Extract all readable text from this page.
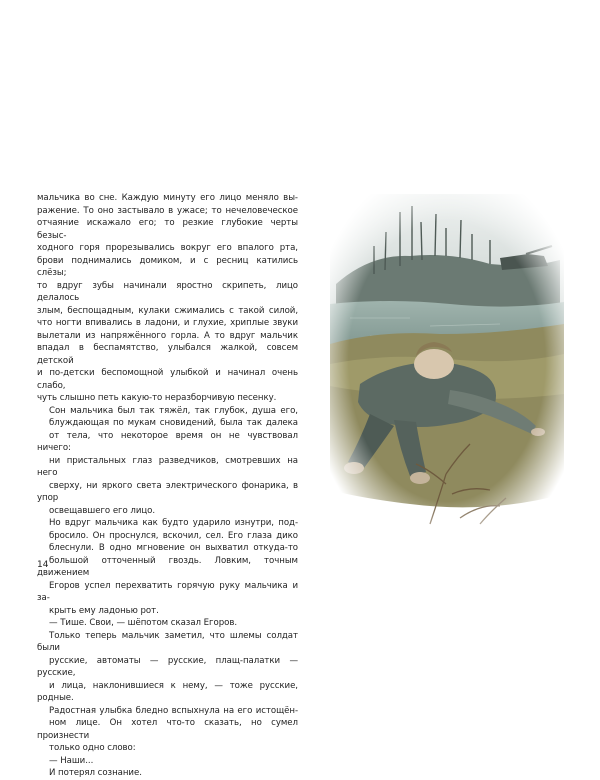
мальчика во сне. Каждую минуту его лицо меняло вы-
ражение. То оно застывало в ужасе; то нечеловеческое
отчаяние искажало его; то резкие глубокие черты безыс-
ходного горя прорезывались вокруг его впалого рта,
брови поднимались домиком, и с ресниц катились слёзы;
то вдруг зубы начинали яростно скрипеть, лицо делалось
злым, беспощадным, кулаки сжимались с такой силой,
что ногти впивались в ладони, и глухие, хриплые звуки
вылетали из напряжённого горла. А то вдруг мальчик
впадал в беспамятство, улыбался жалкой, совсем детской
и по-детски беспомощной улыбкой и начинал очень слабо,
чуть слышно петь какую-то неразборчивую песенку.
Сон мальчика был так тяжёл, так глубок, душа его,
блуждающая по мукам сновидений, была так далека
от тела, что некоторое время он не чувствовал ничего:
ни пристальных глаз разведчиков, смотревших на него
сверху, ни яркого света электрического фонарика, в упор
освещавшего его лицо.
Но вдруг мальчика как будто ударило изнутри, под-
бросило. Он проснулся, вскочил, сел. Его глаза дико
блеснули. В одно мгновение он выхватил откуда-то
большой отточенный гвоздь. Ловким, точным движением
Егоров успел перехватить горячую руку мальчика и за-
крыть ему ладонью рот.
— Тише. Свои, — шёпотом сказал Егоров.
Только теперь мальчик заметил, что шлемы солдат были
русские, автоматы — русские, плащ-палатки — русские,
и лица, наклонившиеся к нему, — тоже русские, родные.
Радостная улыбка бледно вспыхнула на его истощён-
ном лице. Он хотел что-то сказать, но сумел произнести
только одно слово:
— Наши...
И потерял сознание.
14
